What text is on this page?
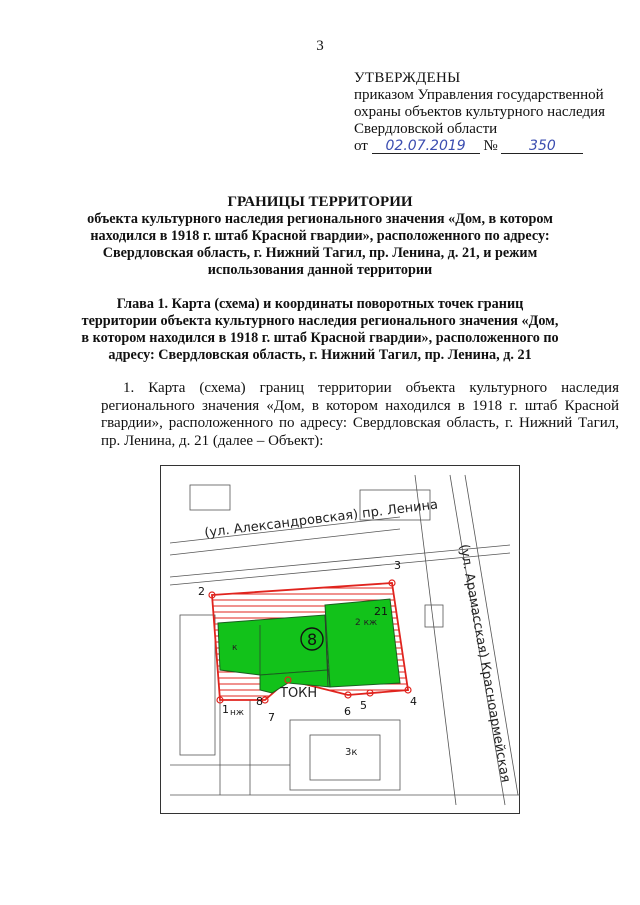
3
УТВЕРЖДЕНЫ
приказом Управления государственной
охраны объектов культурного наследия
Свердловской области
от 02.07.2019 № 350
ГРАНИЦЫ ТЕРРИТОРИИ
объекта культурного наследия регионального значения «Дом, в котором находился в 1918 г. штаб Красной гвардии», расположенного по адресу: Свердловская область, г. Нижний Тагил, пр. Ленина, д. 21, и режим использования данной территории
Глава 1. Карта (схема) и координаты поворотных точек границ территории объекта культурного наследия регионального значения «Дом, в котором находился в 1918 г. штаб Красной гвардии», расположенного по адресу: Свердловская область, г. Нижний Тагил, пр. Ленина, д. 21
1. Карта (схема) границ территории объекта культурного наследия регионального значения «Дом, в котором находился в 1918 г. штаб Красной гвардии», расположенного по адресу: Свердловская область, г. Нижний Тагил, пр. Ленина, д. 21 (далее – Объект):
(ул. Александровская) пр. Ленина
(ул. Арамасская) Красноармейская
8
ТОКН
нж
3к
к
2 кж
1
2
3
4
5
6
7
8
21
